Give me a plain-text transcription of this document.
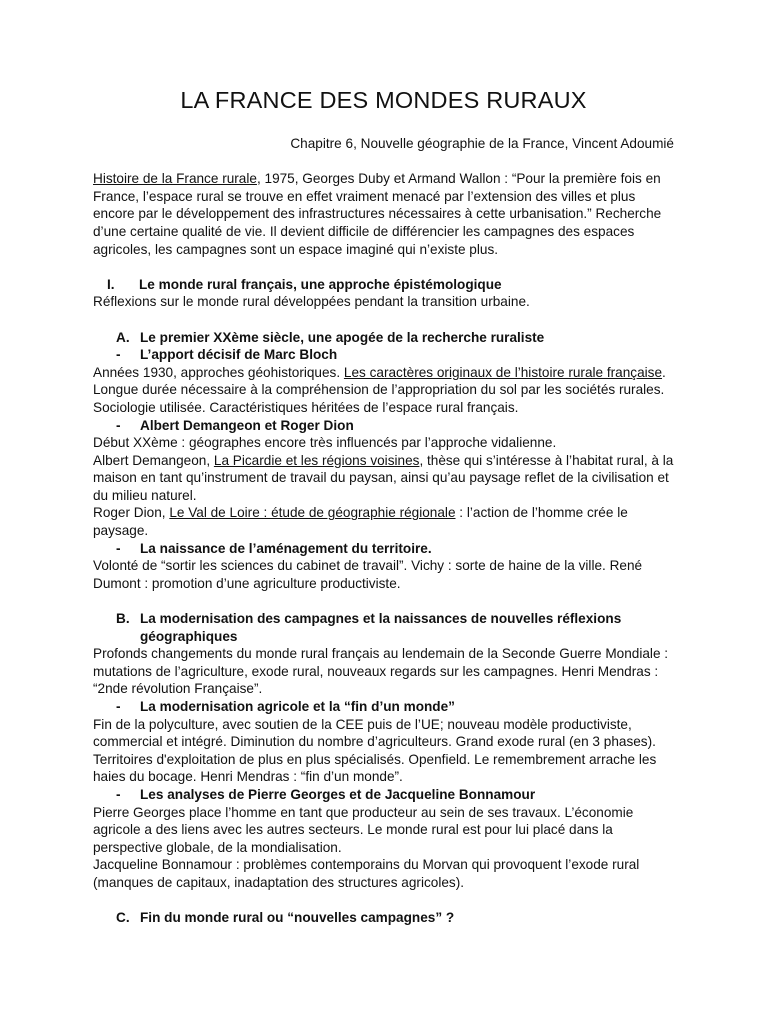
LA FRANCE DES MONDES RURAUX
Chapitre 6, Nouvelle géographie de la France, Vincent Adoumié

Histoire de la France rurale, 1975, Georges Duby et Armand Wallon : “Pour la première fois en France, l’espace rural se trouve en effet vraiment menacé par l’extension des villes et plus encore par le développement des infrastructures nécessaires à cette urbanisation.” Recherche d’une certaine qualité de vie. Il devient difficile de différencier les campagnes des espaces agricoles, les campagnes sont un espace imaginé qui n’existe plus.

I.	Le monde rural français, une approche épistémologique

Réflexions sur le monde rural développées pendant la transition urbaine.

A. Le premier XXème siècle, une apogée de la recherche ruraliste
-	L’apport décisif de Marc Bloch

Années 1930, approches géohistoriques. Les caractères originaux de l’histoire rurale française. Longue durée nécessaire à la compréhension de l’appropriation du sol par les sociétés rurales. Sociologie utilisée. Caractéristiques héritées de l’espace rural français.

-	Albert Demangeon et Roger Dion

Début XXème : géographes encore très influencés par l’approche vidalienne.

Albert Demangeon, La Picardie et les régions voisines, thèse qui s’intéresse à l’habitat rural, à la maison en tant qu’instrument de travail du paysan, ainsi qu’au paysage reflet de la civilisation et du milieu naturel.

Roger Dion, Le Val de Loire : étude de géographie régionale : l’action de l’homme crée le paysage.

-	La naissance de l’aménagement du territoire.

Volonté de “sortir les sciences du cabinet de travail”. Vichy : sorte de haine de la ville. René Dumont : promotion d’une agriculture productiviste.

B. La modernisation des campagnes et la naissances de nouvelles réflexions géographiques

Profonds changements du monde rural français au lendemain de la Seconde Guerre Mondiale : mutations de l’agriculture, exode rural, nouveaux regards sur les campagnes. Henri Mendras : “2nde révolution Française”.

-	La modernisation agricole et la “fin d’un monde”

Fin de la polyculture, avec soutien de la CEE puis de l’UE; nouveau modèle productiviste, commercial et intégré. Diminution du nombre d’agriculteurs. Grand exode rural (en 3 phases). Territoires d'exploitation de plus en plus spécialisés. Openfield. Le remembrement arrache les haies du bocage. Henri Mendras : “fin d’un monde”.

-	Les analyses de Pierre Georges et de Jacqueline Bonnamour

Pierre Georges place l’homme en tant que producteur au sein de ses travaux. L’économie agricole a des liens avec les autres secteurs. Le monde rural est pour lui placé dans la perspective globale, de la mondialisation.

Jacqueline Bonnamour : problèmes contemporains du Morvan qui provoquent l’exode rural (manques de capitaux, inadaptation des structures agricoles).

C. Fin du monde rural ou “nouvelles campagnes” ?
